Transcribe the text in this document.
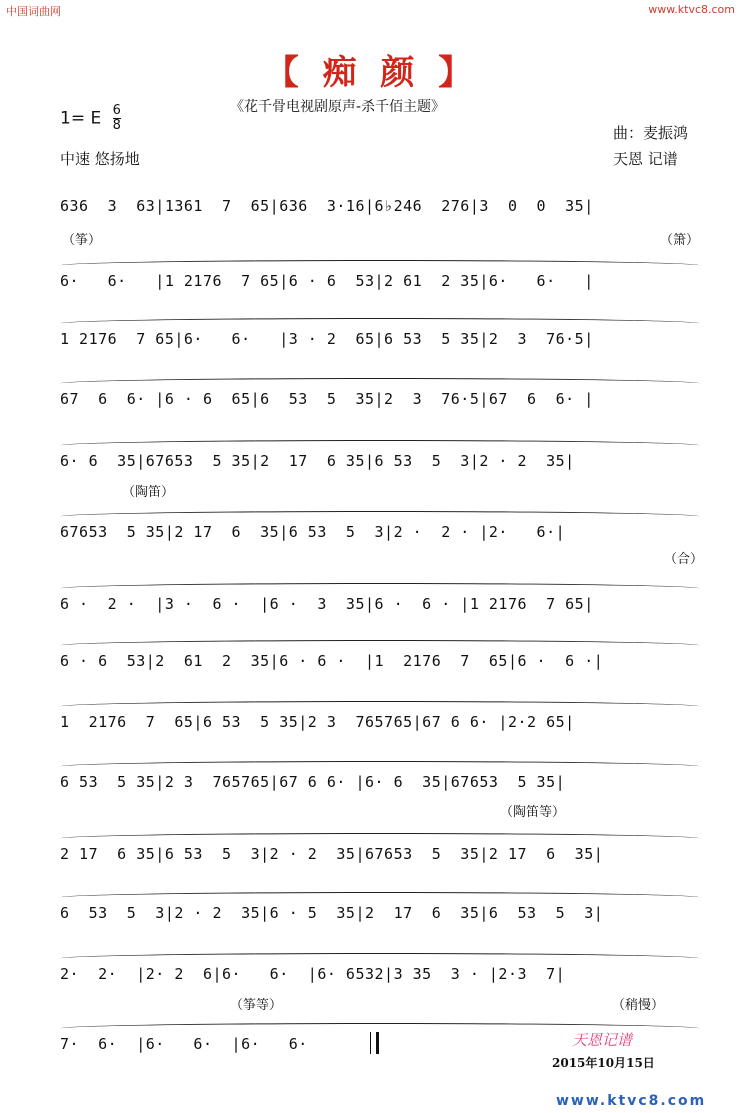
中国词曲网	www.ktvc8.com
【 痴 颜 】
《花千骨电视剧原声-杀千佰主题》
1= E $\frac{6}{8}$	曲：麦振鸿
中速 悠扬地	天恩 记谱
636  3  63|1361  7  65|636  3·16|6♭246  276|3  0  0  35|
6·   6·   |1 2176  7 65|6 · 6  53|2 61  2 35|6·   6·   |
1 2176  7 65|6·   6·   |3 · 2  65|6 53  5 35|2  3  76·5|
67  6  6· |6 · 6  65|6  53  5  35|2  3  76·5|67  6  6· |
6· 6  35|67653  5 35|2  17  6 35|6 53  5  3|2 · 2  35|
67653  5 35|2 17  6  35|6 53  5  3|2 ·  2 · |2·   6·|
6 ·  2 ·  |3 ·  6 ·  |6 ·  3  35|6 ·  6 · |1 2176  7 65|
6 · 6  53|2  61  2  35|6 · 6 ·  |1  2176  7  65|6 ·  6 ·|
1  2176  7  65|6 53  5 35|2 3  765765|67 6 6· |2·2 65|
6 53  5 35|2 3  765765|67 6 6· |6· 6  35|67653  5 35|
2 17  6 35|6 53  5  3|2 · 2  35|67653  5  35|2 17  6  35|
6  53  5  3|2 · 2  35|6 · 5  35|2  17  6  35|6  53  5  3|
2·  2·  |2· 2  6|6·   6·  |6· 6532|3 35  3 · |2·3  7|
7·  6·  |6·   6·  |6·   6·
（筝）	（箫）
（陶笛）
（合）
（陶笛等）
（筝等）	（稍慢）
天恩记谱
2015年10月15日
www.ktvc8.com
